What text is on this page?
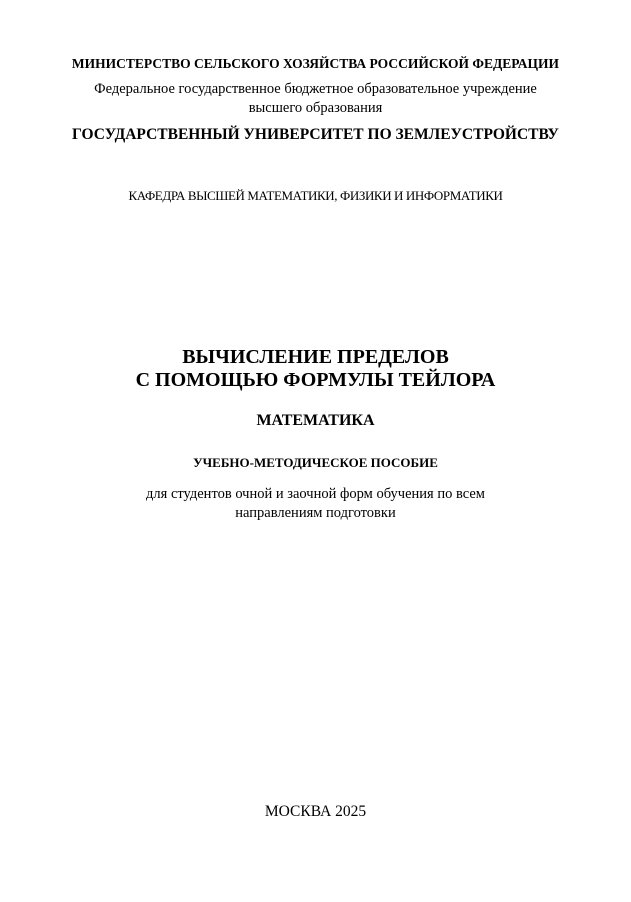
МИНИСТЕРСТВО СЕЛЬСКОГО ХОЗЯЙСТВА РОССИЙСКОЙ ФЕДЕРАЦИИ
Федеральное государственное бюджетное образовательное учреждение
высшего образования
ГОСУДАРСТВЕННЫЙ УНИВЕРСИТЕТ ПО ЗЕМЛЕУСТРОЙСТВУ
КАФЕДРА ВЫСШЕЙ МАТЕМАТИКИ, ФИЗИКИ И ИНФОРМАТИКИ
ВЫЧИСЛЕНИЕ ПРЕДЕЛОВ
С ПОМОЩЬЮ ФОРМУЛЫ ТЕЙЛОРА
МАТЕМАТИКА
УЧЕБНО-МЕТОДИЧЕСКОЕ ПОСОБИЕ
для студентов очной и заочной форм обучения по всем
направлениям подготовки
МОСКВА 2025
